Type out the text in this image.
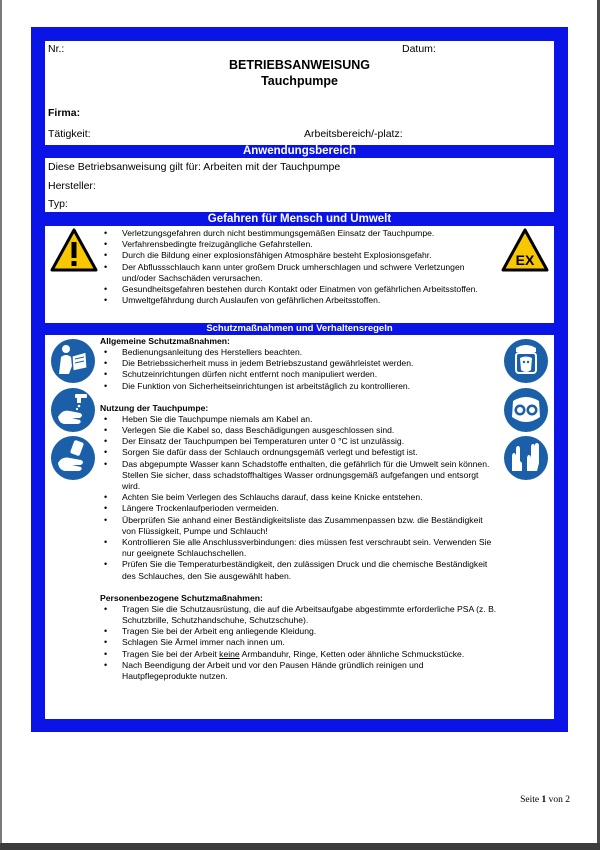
Nr.:	Datum:
BETRIEBSANWEISUNG
Tauchpumpe
Firma:
Tätigkeit:	Arbeitsbereich/-platz:
Anwendungsbereich
Diese Betriebsanweisung gilt für: Arbeiten mit der Tauchpumpe
Hersteller:
Typ:
Gefahren für Mensch und Umwelt
EX
• Verletzungsgefahren durch nicht bestimmungsgemäßen Einsatz der Tauchpumpe.
• Verfahrensbedingte freizugängliche Gefahrstellen.
• Durch die Bildung einer explosionsfähigen Atmosphäre besteht Explosionsgefahr.
• Der Abflussschlauch kann unter großem Druck umherschlagen und schwere Verletzungen und/oder Sachschäden verursachen.
• Gesundheitsgefahren bestehen durch Kontakt oder Einatmen von gefährlichen Arbeitsstoffen.
• Umweltgefährdung durch Auslaufen von gefährlichen Arbeitsstoffen.
Schutzmaßnahmen und Verhaltensregeln
Allgemeine Schutzmaßnahmen:
• Bedienungsanleitung des Herstellers beachten.
• Die Betriebssicherheit muss in jedem Betriebszustand gewährleistet werden.
• Schutzeinrichtungen dürfen nicht entfernt noch manipuliert werden.
• Die Funktion von Sicherheitseinrichtungen ist arbeitstäglich zu kontrollieren.
Nutzung der Tauchpumpe:
• Heben Sie die Tauchpumpe niemals am Kabel an.
• Verlegen Sie die Kabel so, dass Beschädigungen ausgeschlossen sind.
• Der Einsatz der Tauchpumpen bei Temperaturen unter 0 °C ist unzulässig.
• Sorgen Sie dafür dass der Schlauch ordnungsgemäß verlegt und befestigt ist.
• Das abgepumpte Wasser kann Schadstoffe enthalten, die gefährlich für die Umwelt sein können. Stellen Sie sicher, dass schadstoffhaltiges Wasser ordnungsgemäß aufgefangen und entsorgt wird.
• Achten Sie beim Verlegen des Schlauchs darauf, dass keine Knicke entstehen.
• Längere Trockenlaufperioden vermeiden.
• Überprüfen Sie anhand einer Beständigkeitsliste das Zusammenpassen bzw. die Beständigkeit von Flüssigkeit, Pumpe und Schlauch!
• Kontrollieren Sie alle Anschlussverbindungen: dies müssen fest verschraubt sein. Verwenden Sie nur geeignete Schlauchschellen.
• Prüfen Sie die Temperaturbeständigkeit, den zulässigen Druck und die chemische Beständigkeit des Schlauches, den Sie ausgewählt haben.
Personenbezogene Schutzmaßnahmen:
• Tragen Sie die Schutzausrüstung, die auf die Arbeitsaufgabe abgestimmte erforderliche PSA (z. B. Schutzbrille, Schutzhandschuhe, Schutzschuhe).
• Tragen Sie bei der Arbeit eng anliegende Kleidung.
• Schlagen Sie Ärmel immer nach innen um.
• Tragen Sie bei der Arbeit keine Armbanduhr, Ringe, Ketten oder ähnliche Schmuckstücke.
• Nach Beendigung der Arbeit und vor den Pausen Hände gründlich reinigen und Hautpflegeprodukte nutzen.
Seite 1 von 2
